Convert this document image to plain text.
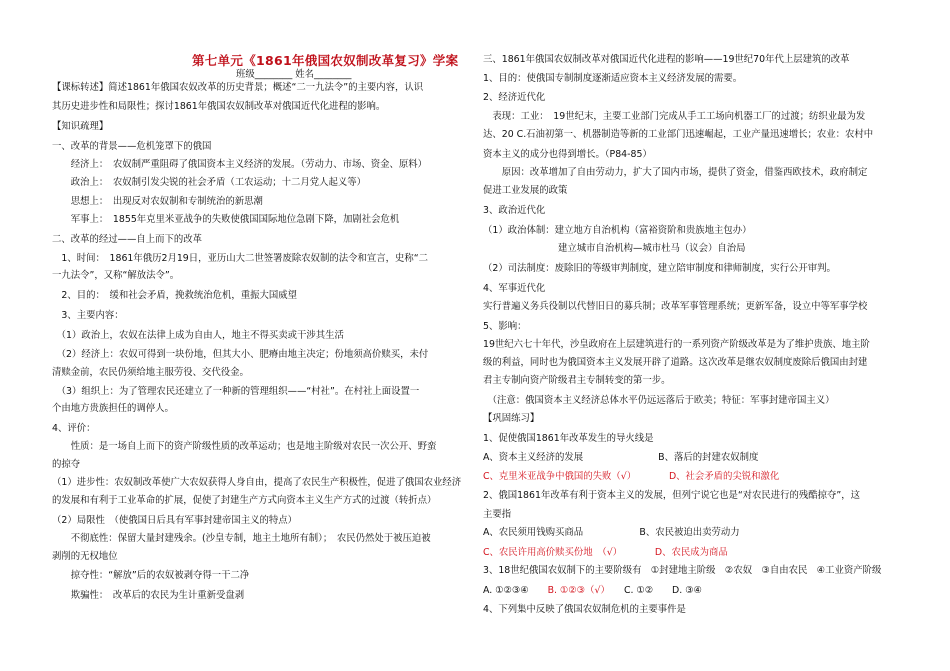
第七单元《1861年俄国农奴制改革复习》学案
班级________ 姓名________
【课标转述】简述1861年俄国农奴改革的历史背景；概述“二一九法令”的主要内容，认识
其历史进步性和局限性；探讨1861年俄国农奴制改革对俄国近代化进程的影响。
【知识疏理】
一、改革的背景——危机笼罩下的俄国
　　经济上：　农奴制严重阻碍了俄国资本主义经济的发展。（劳动力、市场、资金、原料）
　　政治上：　农奴制引发尖锐的社会矛盾（工农运动；十二月党人起义等）
　　思想上：　出现反对农奴制和专制统治的新思潮
　　军事上：　1855年克里米亚战争的失败使俄国国际地位急剧下降，加剧社会危机
二、改革的经过——自上而下的改革
　1、时间：　1861年俄历2月19日，亚历山大二世签署废除农奴制的法令和宣言，史称“二
一九法令”，又称“解放法令”。
　2、目的：　缓和社会矛盾，挽救统治危机，重振大国威望
　3、主要内容：
　（1）政治上，农奴在法律上成为自由人，地主不得买卖或干涉其生活
　（2）经济上：农奴可得到一块份地，但其大小、肥瘠由地主决定；份地须高价赎买，未付
清赎金前，农民仍须给地主服劳役、交代役金。
　（3）组织上：为了管理农民还建立了一种新的管理组织——“村社”。在村社上面设置一
个由地方贵族担任的调停人。
4、评价：
　　性质：是一场自上而下的资产阶级性质的改革运动；也是地主阶级对农民一次公开、野蛮
的掠夺
（1）进步性：农奴制改革使广大农奴获得人身自由，提高了农民生产积极性，促进了俄国农业经济
的发展和有利于工业革命的扩展，促使了封建生产方式向资本主义生产方式的过渡（转折点）
（2）局限性　（使俄国日后具有军事封建帝国主义的特点）
　　不彻底性：保留大量封建残余。(沙皇专制，地主土地所有制）；　农民仍然处于被压迫被
剥削的无权地位
　　掠夺性：“解放”后的农奴被剥夺得一干二净
　　欺骗性：　改革后的农民为生计重新受盘剥
三、1861年俄国农奴制改革对俄国近代化进程的影响——19世纪70年代上层建筑的改革
1、目的：使俄国专制制度逐渐适应资本主义经济发展的需要。
2、经济近代化
　表现：工业：　19世纪末，主要工业部门完成从手工工场向机器工厂的过渡；纺织业最为发
达、20 C.石油初第一、机器制造等新的工业部门迅速崛起，工业产量迅速增长；农业：农村中
资本主义的成分也得到增长。（P84-85）
　　原因：改革增加了自由劳动力，扩大了国内市场，提供了资金，借鉴西欧技术，政府制定
促进工业发展的政策
3、政治近代化
（1）政治体制：建立地方自治机构（富裕资阶和贵族地主包办）
　　　　　　　　建立城市自治机构—城市杜马（议会）自治局
（2）司法制度：废除旧的等级审判制度，建立陪审制度和律师制度，实行公开审判。
4、军事近代化
实行普遍义务兵役制以代替旧日的募兵制；改革军事管理系统；更新军备，设立中等军事学校
5、影响：
19世纪六七十年代，沙皇政府在上层建筑进行的一系列资产阶级改革是为了维护贵族、地主阶
级的利益，同时也为俄国资本主义发展开辟了道路。这次改革是继农奴制度废除后俄国由封建
君主专制向资产阶级君主专制转变的第一步。
　（注意：俄国资本主义经济总体水平仍远远落后于欧美；特征：军事封建帝国主义）
【巩固练习】
1、促使俄国1861年改革发生的导火线是
A、资本主义经济的发展　　　　　　　　B、落后的封建农奴制度
C、克里米亚战争中俄国的失败（√）　　　　D、社会矛盾的尖锐和激化
2、俄国1861年改革有利于资本主义的发展，但列宁说它也是“对农民进行的残酷掠夺”，这
主要指
A、农民须用钱购买商品　　　　　　B、农民被迫出卖劳动力
C、农民许用高价赎买份地　（√）　　　　D、农民成为商品
3、18世纪俄国农奴制下的主要阶级有　①封建地主阶级　②农奴　③自由农民　④工业资产阶级
A. ①②③④　　B. ①②③（√）　　C. ①②　　D. ③④
4、下列集中反映了俄国农奴制危机的主要事件是
